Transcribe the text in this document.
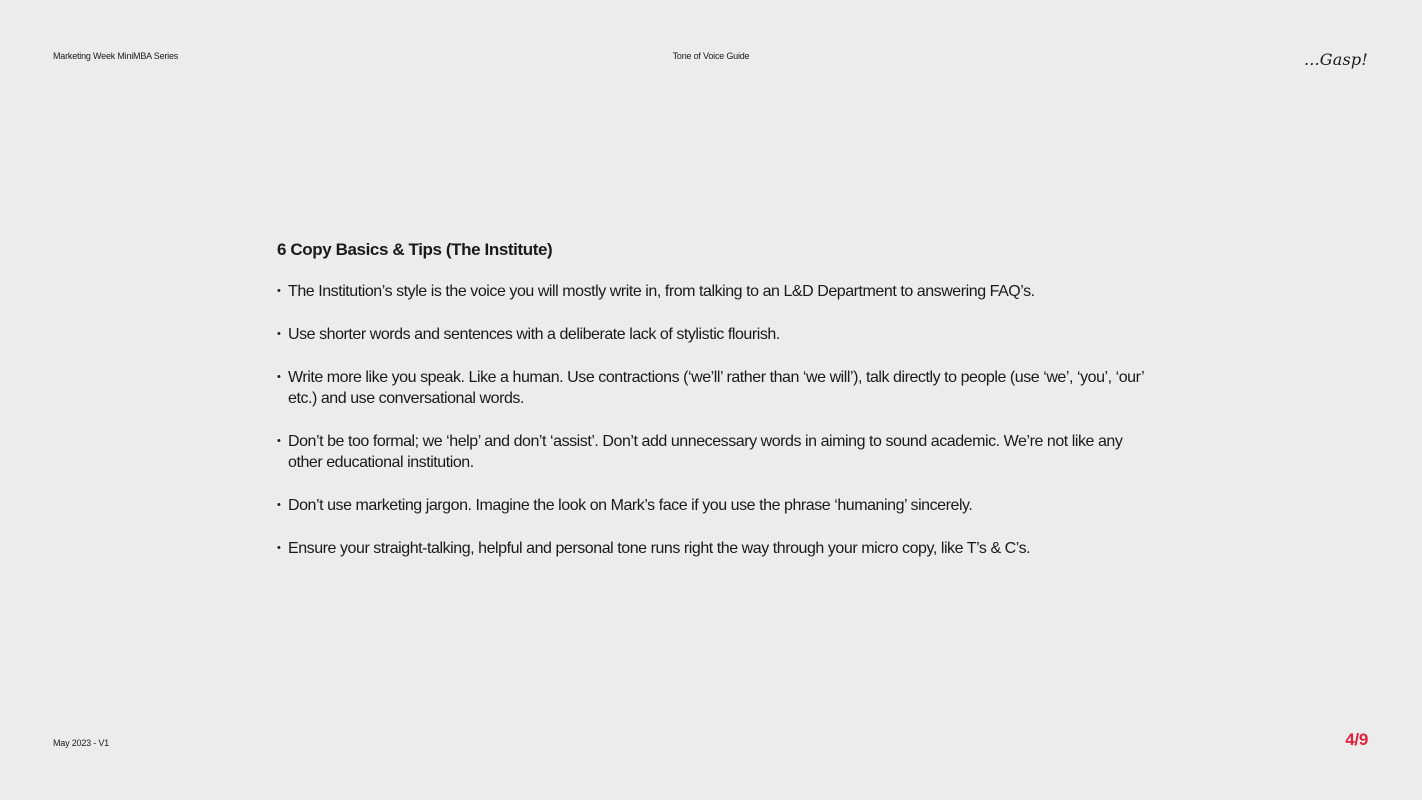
Marketing Week MiniMBA Series	Tone of Voice Guide	...Gasp!
6 Copy Basics & Tips (The Institute)
• The Institution’s style is the voice you will mostly write in, from talking to an L&D Department to answering FAQ’s.
• Use shorter words and sentences with a deliberate lack of stylistic flourish.
• Write more like you speak. Like a human. Use contractions (‘we’ll’ rather than ‘we will’), talk directly to people (use ‘we’, ‘you’, ‘our’ etc.) and use conversational words.
• Don’t be too formal; we ‘help’ and don’t ‘assist’. Don’t add unnecessary words in aiming to sound academic. We’re not like any other educational institution.
• Don’t use marketing jargon. Imagine the look on Mark’s face if you use the phrase ‘humaning’ sincerely.
• Ensure your straight-talking, helpful and personal tone runs right the way through your micro copy, like T’s & C’s.
May 2023 - V1	4/9
